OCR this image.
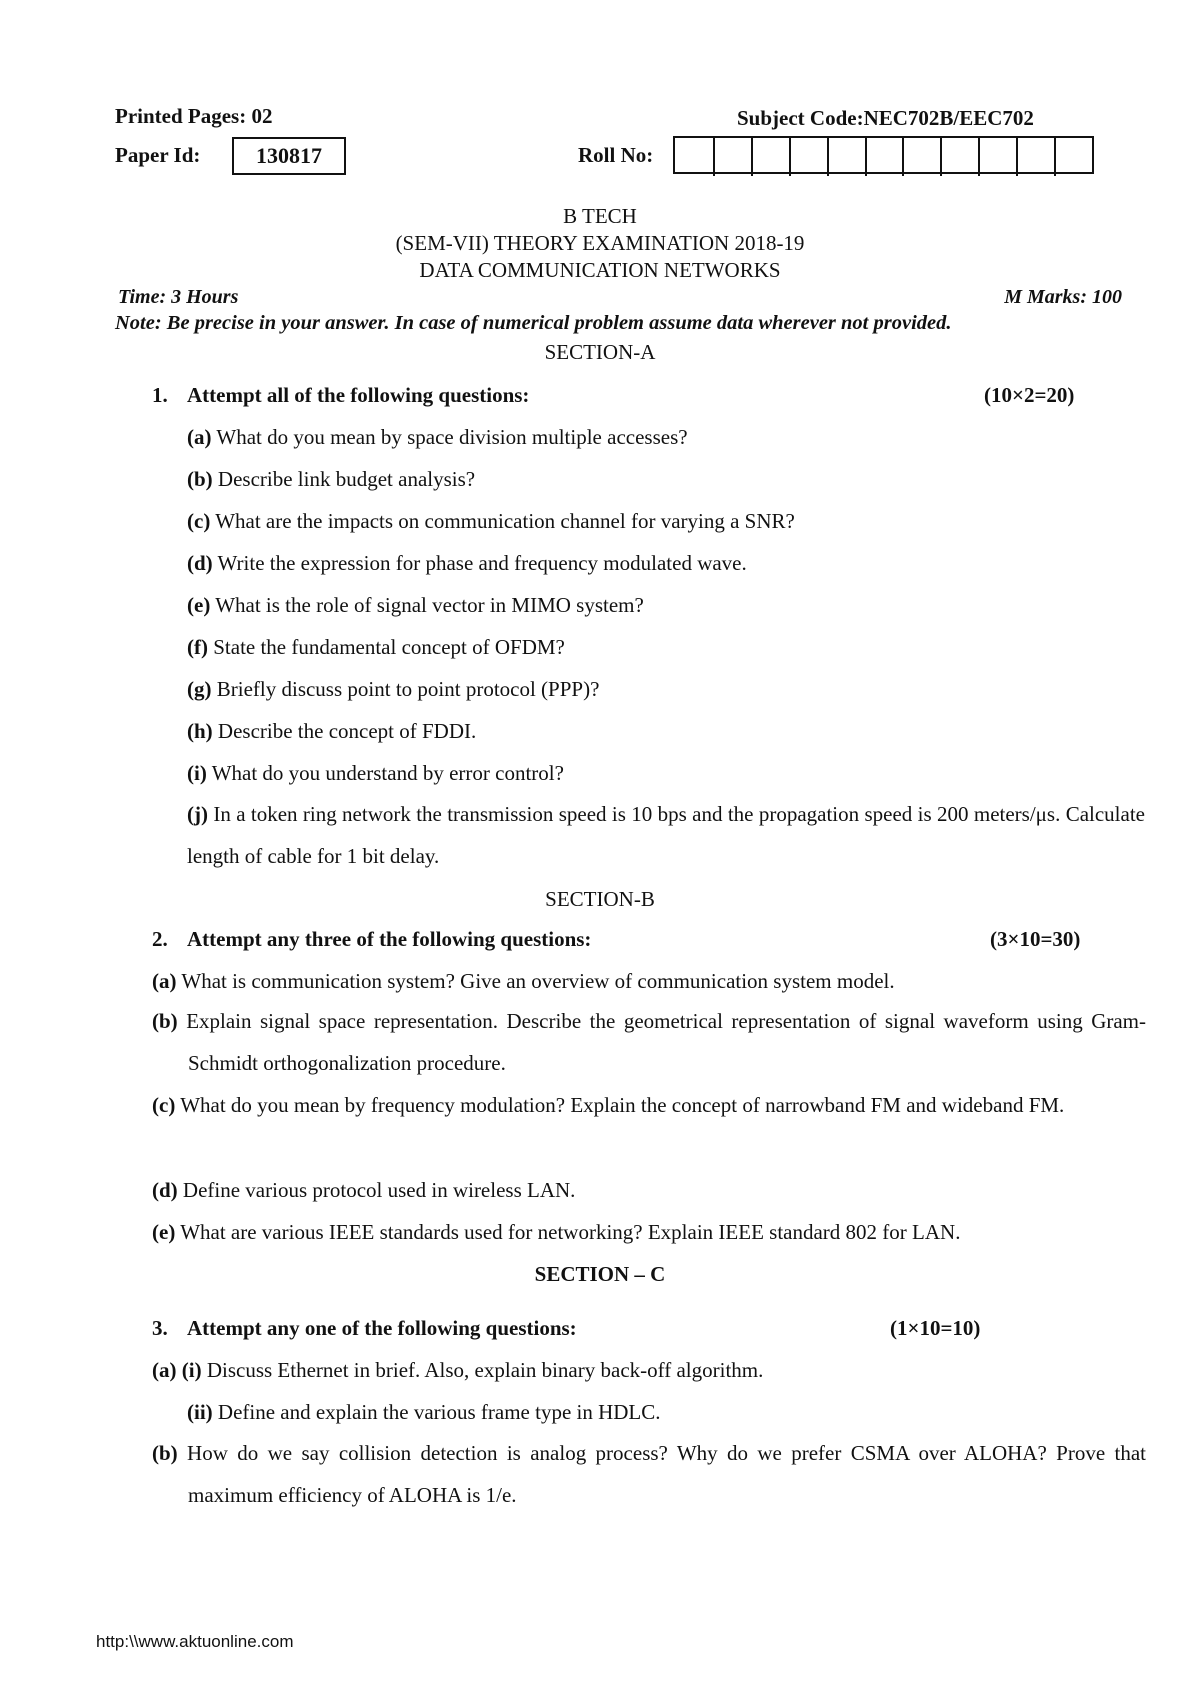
Printed Pages: 02	Subject Code:NEC702B/EEC702
Paper Id:	130817	Roll No:
B TECH
(SEM-VII) THEORY EXAMINATION 2018-19
DATA COMMUNICATION NETWORKS
Time: 3 Hours	M Marks: 100
Note: Be precise in your answer. In case of numerical problem assume data wherever not provided.
SECTION-A
1. Attempt all of the following questions:	(10×2=20)
(a) What do you mean by space division multiple accesses?
(b) Describe link budget analysis?
(c) What are the impacts on communication channel for varying a SNR?
(d) Write the expression for phase and frequency modulated wave.
(e) What is the role of signal vector in MIMO system?
(f) State the fundamental concept of OFDM?
(g) Briefly discuss point to point protocol (PPP)?
(h) Describe the concept of FDDI.
(i) What do you understand by error control?
(j) In a token ring network the transmission speed is 10 bps and the propagation speed is 200 meters/μs. Calculate length of cable for 1 bit delay.
SECTION-B
2. Attempt any three of the following questions:	(3×10=30)
(a) What is communication system? Give an overview of communication system model.
(b) Explain signal space representation. Describe the geometrical representation of signal waveform using Gram-Schmidt orthogonalization procedure.
(c) What do you mean by frequency modulation? Explain the concept of narrowband FM and wideband FM.
(d) Define various protocol used in wireless LAN.
(e) What are various IEEE standards used for networking? Explain IEEE standard 802 for LAN.
SECTION – C
3. Attempt any one of the following questions:	(1×10=10)
(a) (i) Discuss Ethernet in brief. Also, explain binary back-off algorithm.
(ii) Define and explain the various frame type in HDLC.
(b) How do we say collision detection is analog process? Why do we prefer CSMA over ALOHA? Prove that maximum efficiency of ALOHA is 1/e.
http:\\www.aktuonline.com
